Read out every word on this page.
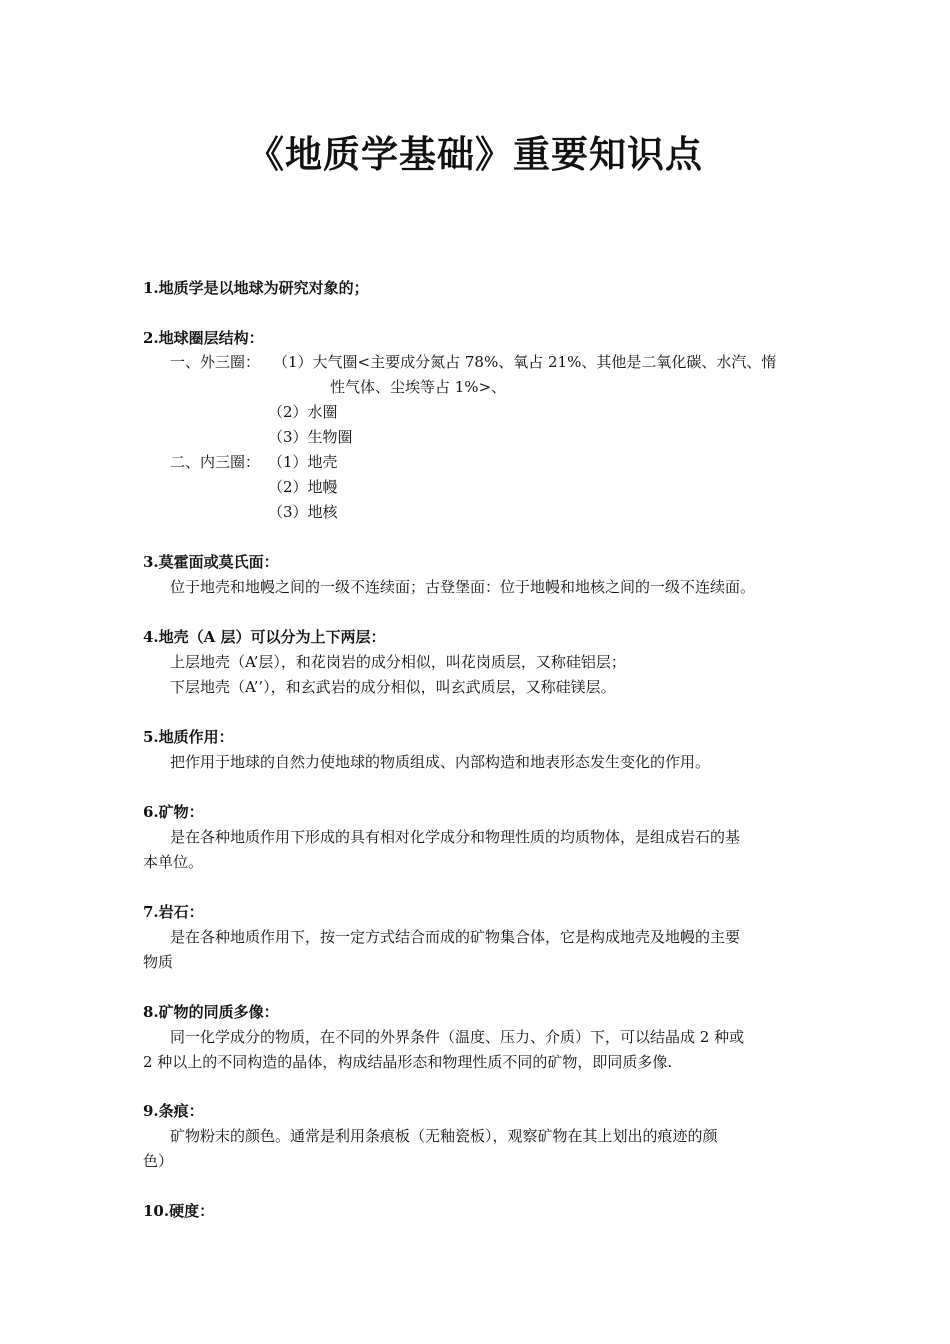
《地质学基础》重要知识点
1.地质学是以地球为研究对象的；
2.地球圈层结构：
一、外三圈： （1）大气圈<主要成分氮占 78%、氧占 21%、其他是二氧化碳、水汽、惰
性气体、尘埃等占 1%>、
（2）水圈
（3）生物圈
二、内三圈： （1）地壳
（2）地幔
（3）地核
3.莫霍面或莫氏面：
位于地壳和地幔之间的一级不连续面；古登堡面：位于地幔和地核之间的一级不连续面。
4.地壳（A 层）可以分为上下两层：
上层地壳（A’层），和花岗岩的成分相似，叫花岗质层，又称硅铝层；
下层地壳（A’’），和玄武岩的成分相似，叫玄武质层，又称硅镁层。
5.地质作用：
把作用于地球的自然力使地球的物质组成、内部构造和地表形态发生变化的作用。
6.矿物：
是在各种地质作用下形成的具有相对化学成分和物理性质的均质物体，是组成岩石的基
本单位。
7.岩石：
是在各种地质作用下，按一定方式结合而成的矿物集合体，它是构成地壳及地幔的主要
物质
8.矿物的同质多像：
同一化学成分的物质，在不同的外界条件（温度、压力、介质）下，可以结晶成 2 种或
2 种以上的不同构造的晶体，构成结晶形态和物理性质不同的矿物，即同质多像.
9.条痕：
矿物粉末的颜色。通常是利用条痕板（无釉瓷板），观察矿物在其上划出的痕迹的颜
色）
10.硬度：
